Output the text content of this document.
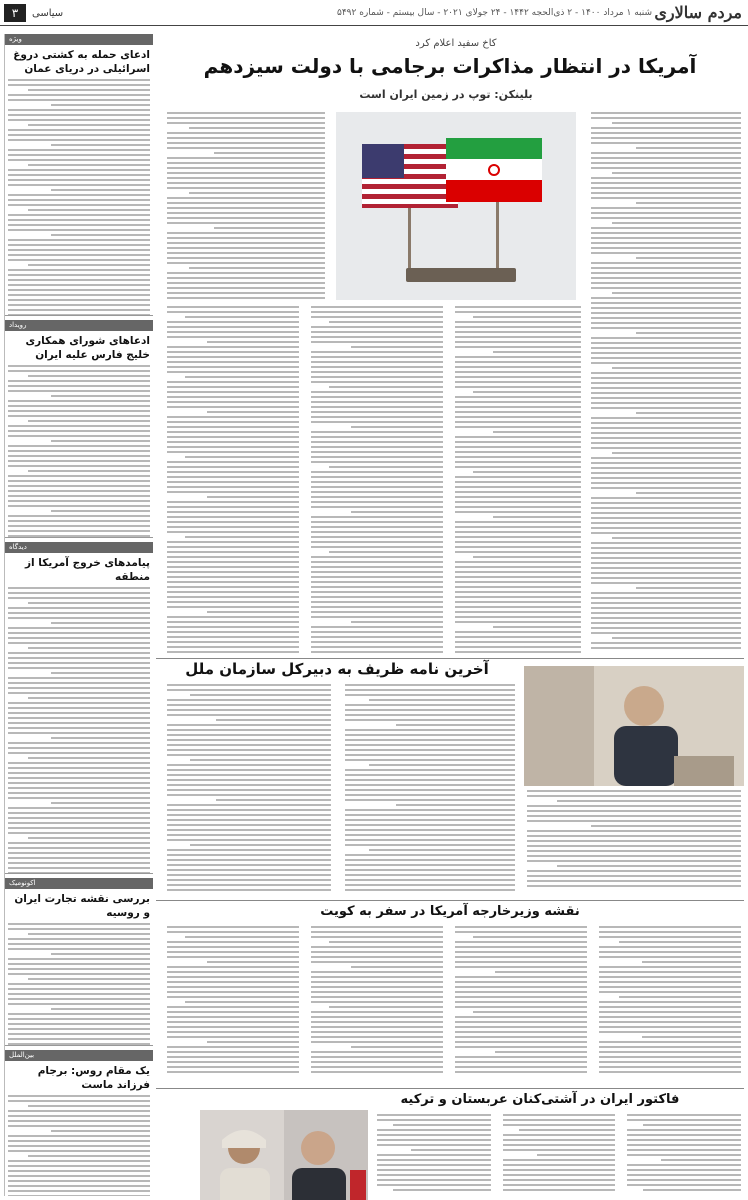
مردم سالاری
شنبه ۱ مرداد ۱۴۰۰ - ۲ ذی‌الحجه ۱۴۴۲ - ۲۴ جولای ۲۰۲۱ - سال بیستم - شماره ۵۴۹۲
سیاسی
۳
ویژه
ادعای حمله به کشتی دروغ اسرائیلی در دریای عمان
رویداد
ادعاهای شورای همکاری خلیج فارس علیه ایران
دیدگاه
پیامدهای خروج آمریکا از منطقه
اکونومیک
بررسی نقشه تجارت ایران و روسیه
بین‌الملل
یک مقام روس: برجام فرزاند ماست
کاخ سفید اعلام کرد
آمریکا در انتظار مذاکرات برجامی با دولت سیزدهم
بلینکن: توپ در زمین ایران است
آخرین نامه ظریف به دبیرکل سازمان ملل
نقشه وزیرخارجه آمریکا در سفر به کویت
فاکتور ایران در آشتی‌کنان عربستان و ترکیه
